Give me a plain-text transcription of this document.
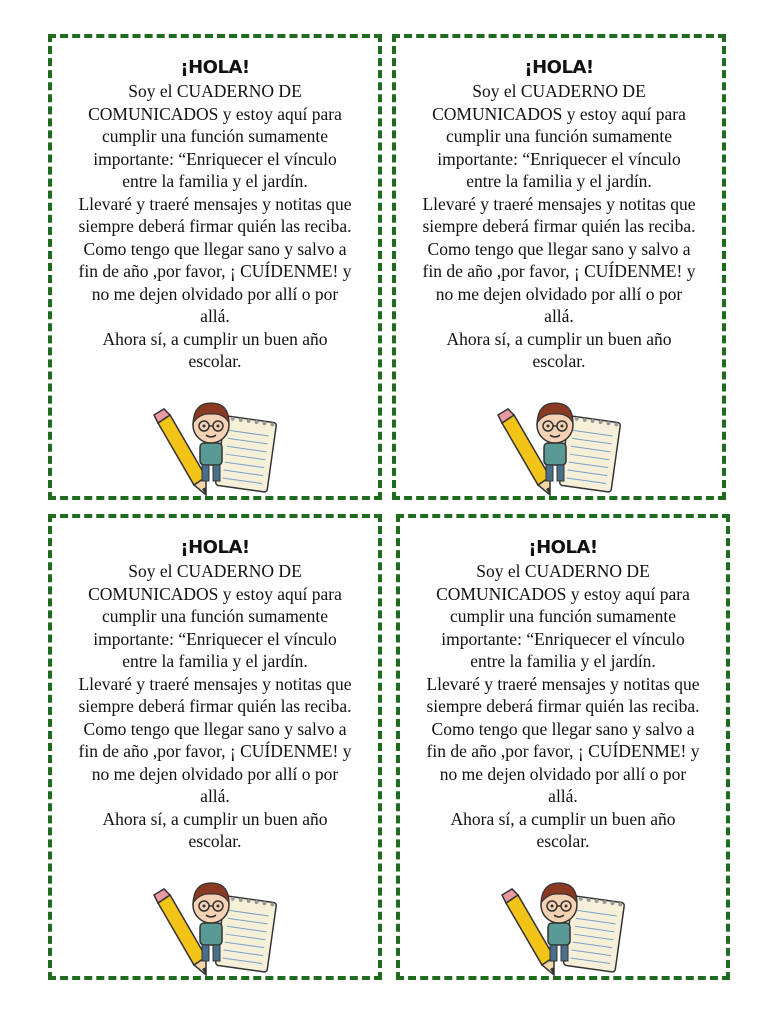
¡HOLA!

Soy el CUADERNO DE
COMUNICADOS y estoy aquí para
cumplir una función sumamente
importante: “Enriquecer el vínculo
entre la familia y el jardín.
Llevaré y traeré mensajes y notitas que
siempre deberá firmar quién las reciba.
Como tengo que llegar sano y salvo a
fin de año ,por favor, ¡ CUÍDENME! y
no me dejen olvidado por allí o por
allá.
Ahora sí, a cumplir un buen año
escolar.

¡HOLA!

Soy el CUADERNO DE
COMUNICADOS y estoy aquí para
cumplir una función sumamente
importante: “Enriquecer el vínculo
entre la familia y el jardín.
Llevaré y traeré mensajes y notitas que
siempre deberá firmar quién las reciba.
Como tengo que llegar sano y salvo a
fin de año ,por favor, ¡ CUÍDENME! y
no me dejen olvidado por allí o por
allá.
Ahora sí, a cumplir un buen año
escolar.

¡HOLA!

Soy el CUADERNO DE
COMUNICADOS y estoy aquí para
cumplir una función sumamente
importante: “Enriquecer el vínculo
entre la familia y el jardín.
Llevaré y traeré mensajes y notitas que
siempre deberá firmar quién las reciba.
Como tengo que llegar sano y salvo a
fin de año ,por favor, ¡ CUÍDENME! y
no me dejen olvidado por allí o por
allá.
Ahora sí, a cumplir un buen año
escolar.

¡HOLA!

Soy el CUADERNO DE
COMUNICADOS y estoy aquí para
cumplir una función sumamente
importante: “Enriquecer el vínculo
entre la familia y el jardín.
Llevaré y traeré mensajes y notitas que
siempre deberá firmar quién las reciba.
Como tengo que llegar sano y salvo a
fin de año ,por favor, ¡ CUÍDENME! y
no me dejen olvidado por allí o por
allá.
Ahora sí, a cumplir un buen año
escolar.
